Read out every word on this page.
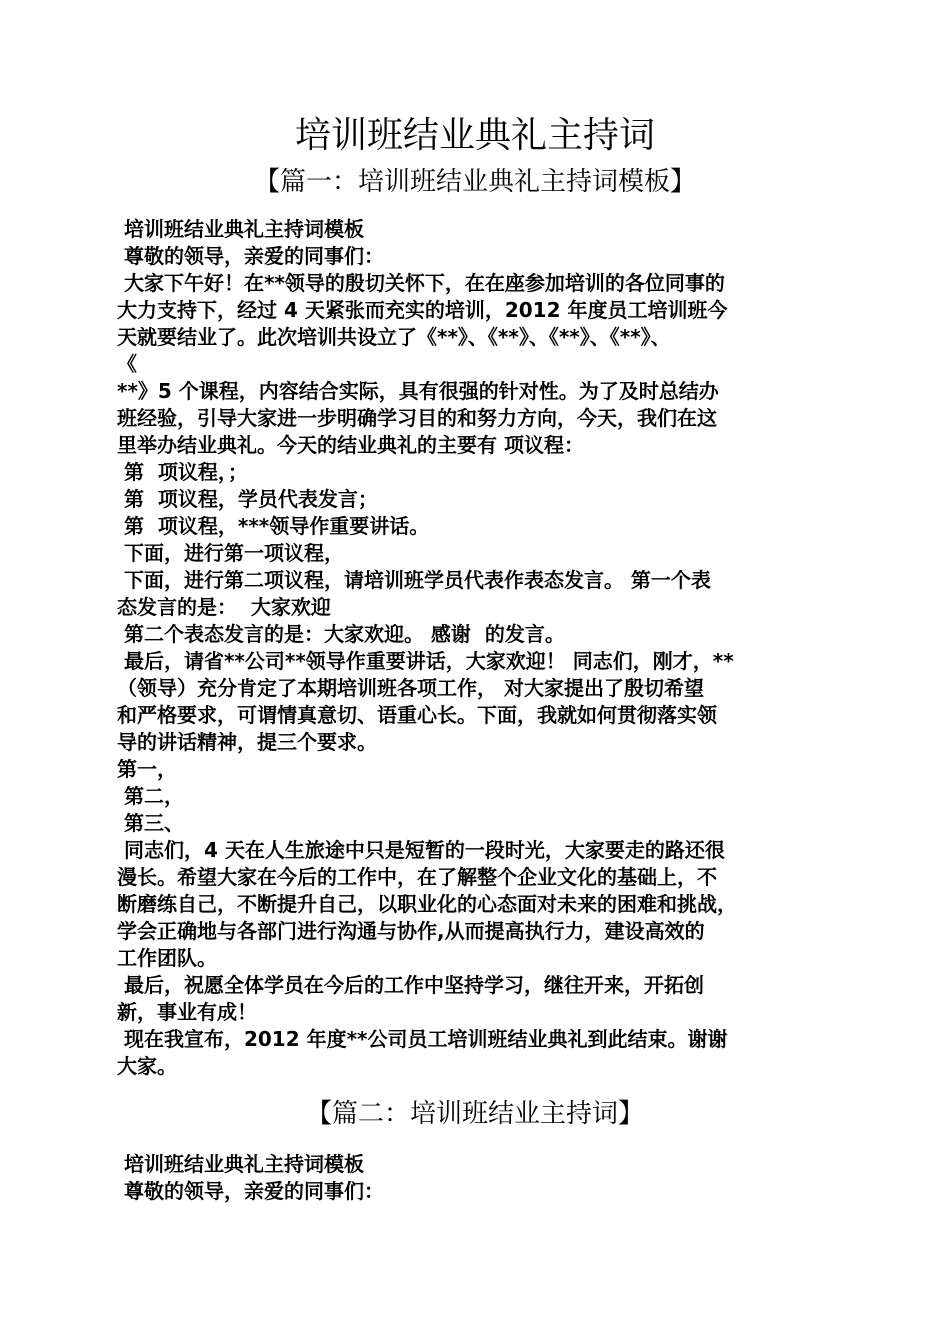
培训班结业典礼主持词
【篇一：培训班结业典礼主持词模板】

培训班结业典礼主持词模板

尊敬的领导，亲爱的同事们：

大家下午好！在**领导的殷切关怀下，在在座参加培训的各位同事的

大力支持下，经过 4 天紧张而充实的培训，2012 年度员工培训班今

天就要结业了。此次培训共设立了《**》、《**》、《**》、《**》、

《

**》5 个课程，内容结合实际，具有很强的针对性。为了及时总结办

班经验，引导大家进一步明确学习目的和努力方向，今天，我们在这

里举办结业典礼。今天的结业典礼的主要有 项议程：

第  项议程，；

第  项议程，学员代表发言；

第  项议程，***领导作重要讲话。

下面，进行第一项议程，

下面，进行第二项议程，请培训班学员代表作表态发言。 第一个表

态发言的是：  大家欢迎

第二个表态发言的是：大家欢迎。 感谢  的发言。

最后，请省**公司**领导作重要讲话，大家欢迎！ 同志们，刚才，**

（领导）充分肯定了本期培训班各项工作， 对大家提出了殷切希望

和严格要求，可谓情真意切、语重心长。下面，我就如何贯彻落实领

导的讲话精神，提三个要求。

第一，

第二，

第三、

同志们，4 天在人生旅途中只是短暂的一段时光，大家要走的路还很

漫长。希望大家在今后的工作中，在了解整个企业文化的基础上，不

断磨练自己，不断提升自己，以职业化的心态面对未来的困难和挑战，

学会正确地与各部门进行沟通与协作,从而提高执行力，建设高效的

工作团队。

最后，祝愿全体学员在今后的工作中坚持学习，继往开来，开拓创

新，事业有成！

现在我宣布，2012 年度**公司员工培训班结业典礼到此结束。谢谢

大家。

【篇二：培训班结业主持词】

培训班结业典礼主持词模板

尊敬的领导，亲爱的同事们：
